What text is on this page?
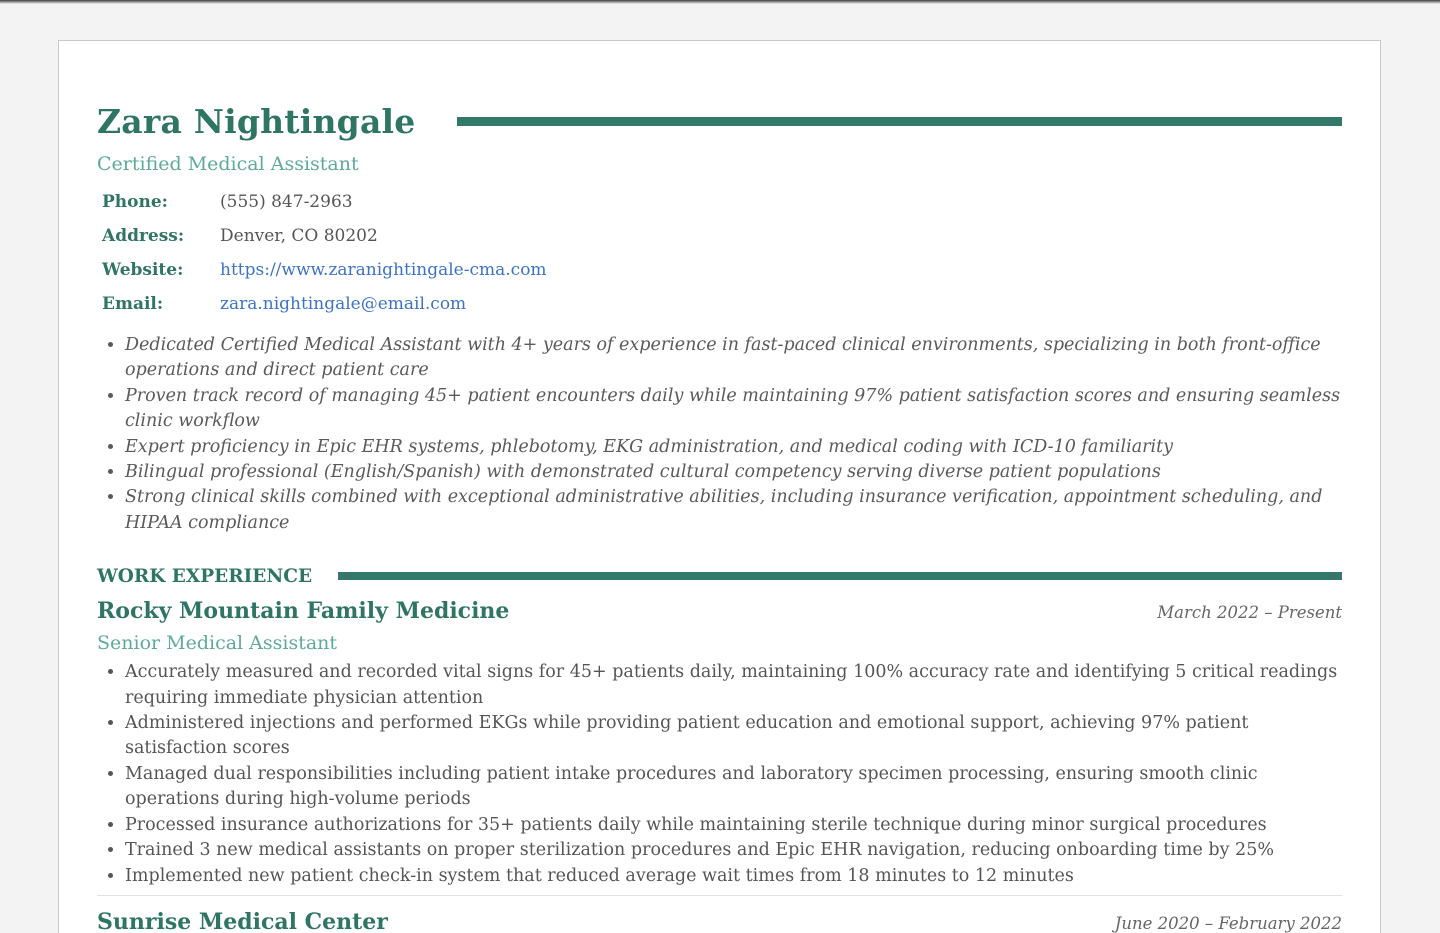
Zara Nightingale
Certified Medical Assistant
Phone:	(555) 847-2963
Address:	Denver, CO 80202
Website:	https://www.zaranightingale-cma.com
Email:	zara.nightingale@email.com
• Dedicated Certified Medical Assistant with 4+ years of experience in fast-paced clinical environments, specializing in both front-office operations and direct patient care
• Proven track record of managing 45+ patient encounters daily while maintaining 97% patient satisfaction scores and ensuring seamless clinic workflow
• Expert proficiency in Epic EHR systems, phlebotomy, EKG administration, and medical coding with ICD-10 familiarity
• Bilingual professional (English/Spanish) with demonstrated cultural competency serving diverse patient populations
• Strong clinical skills combined with exceptional administrative abilities, including insurance verification, appointment scheduling, and HIPAA compliance
WORK EXPERIENCE
Rocky Mountain Family Medicine	March 2022 – Present
Senior Medical Assistant
• Accurately measured and recorded vital signs for 45+ patients daily, maintaining 100% accuracy rate and identifying 5 critical readings requiring immediate physician attention
• Administered injections and performed EKGs while providing patient education and emotional support, achieving 97% patient satisfaction scores
• Managed dual responsibilities including patient intake procedures and laboratory specimen processing, ensuring smooth clinic operations during high-volume periods
• Processed insurance authorizations for 35+ patients daily while maintaining sterile technique during minor surgical procedures
• Trained 3 new medical assistants on proper sterilization procedures and Epic EHR navigation, reducing onboarding time by 25%
• Implemented new patient check-in system that reduced average wait times from 18 minutes to 12 minutes
Sunrise Medical Center	June 2020 – February 2022
